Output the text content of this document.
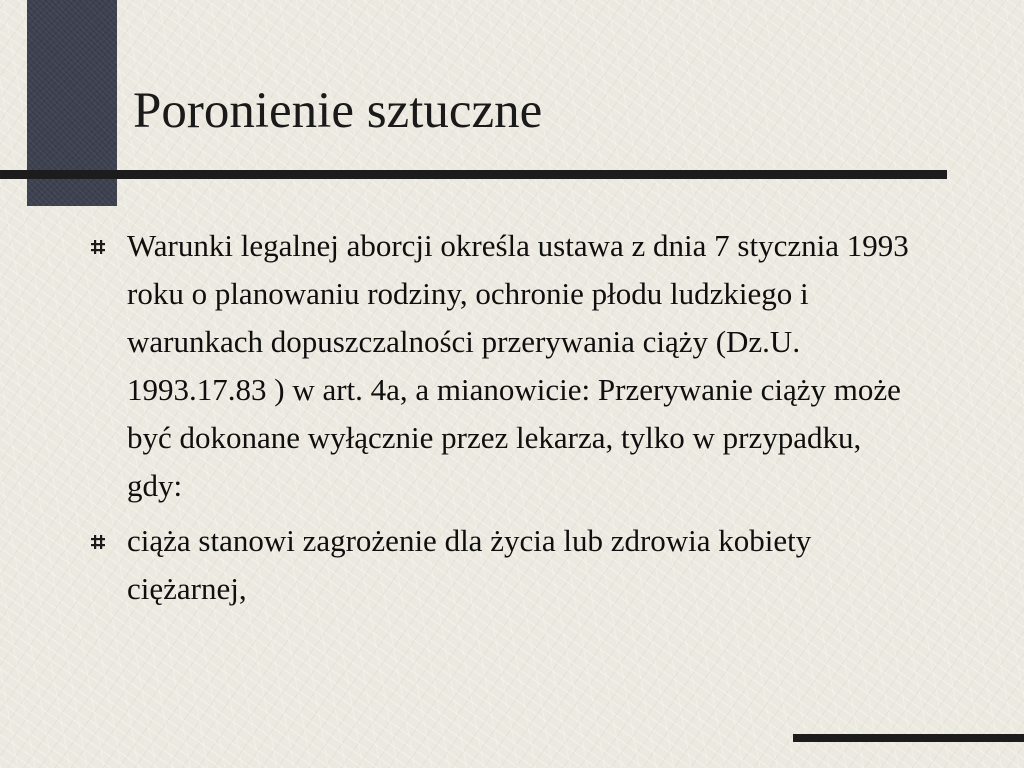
Poronienie sztuczne
Warunki legalnej aborcji określa ustawa z dnia 7 stycznia 1993 roku o planowaniu rodziny, ochronie płodu ludzkiego i warunkach dopuszczalności przerywania ciąży (Dz.U. 1993.17.83 ) w art. 4a, a mianowicie: Przerywanie ciąży może być dokonane wyłącznie przez lekarza, tylko w przypadku, gdy:
ciąża stanowi zagrożenie dla życia lub zdrowia kobiety ciężarnej,
